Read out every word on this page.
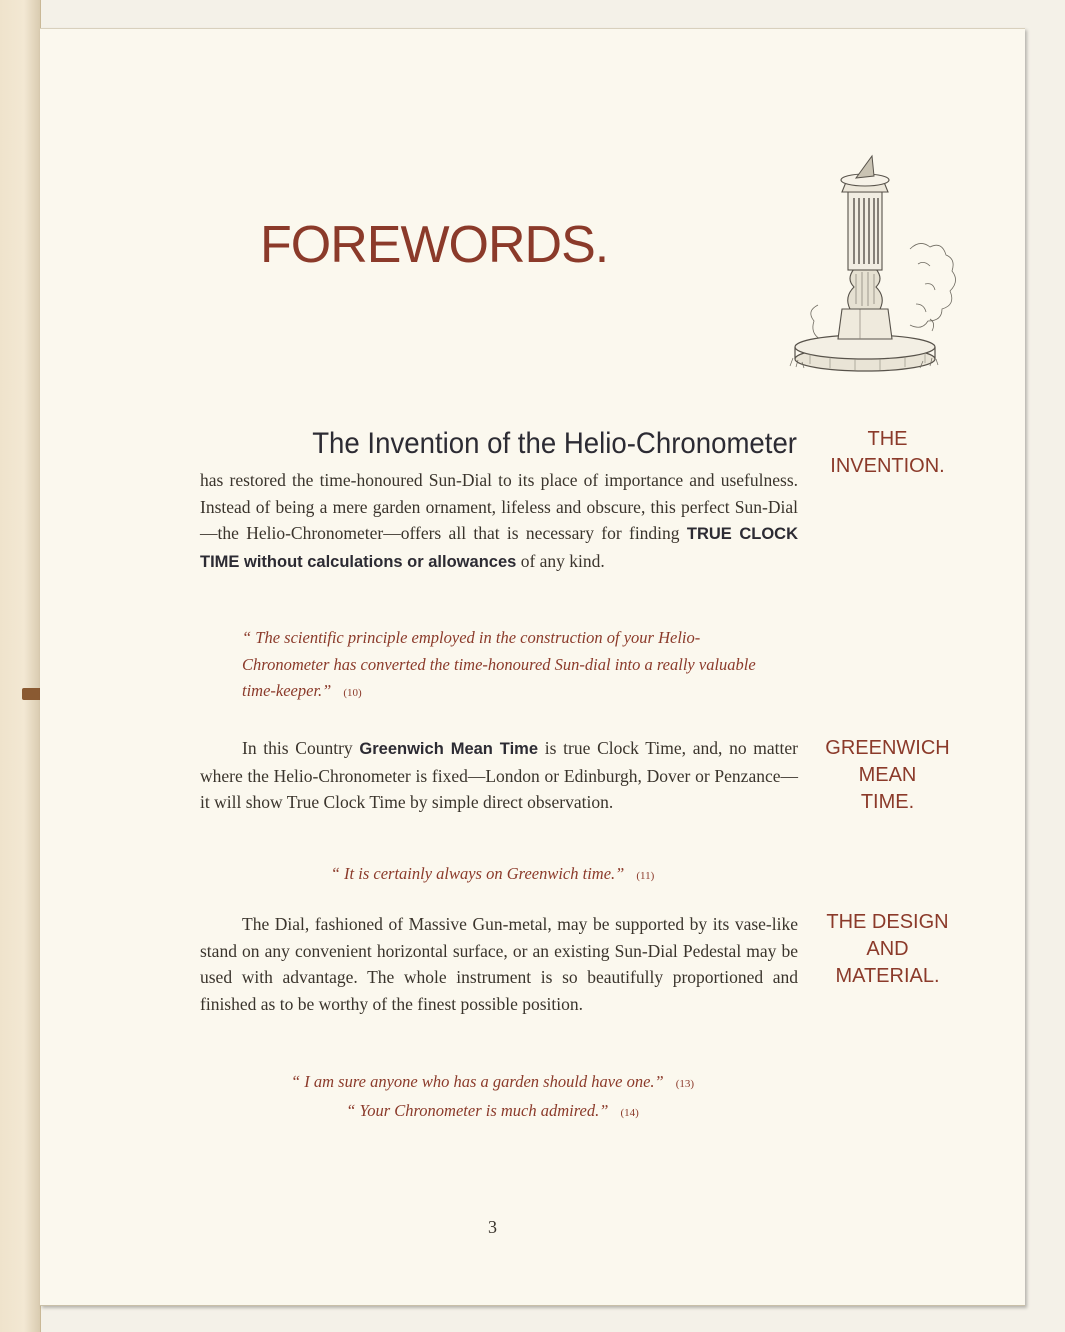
FOREWORDS.
The Invention of the Helio-Chronometer

has restored the time-honoured Sun-Dial to its place of importance and usefulness. Instead of being a mere garden ornament, lifeless and obscure, this perfect Sun-Dial—the Helio-Chronometer—offers all that is necessary for finding TRUE CLOCK TIME without calculations or allowances of any kind.

THE
INVENTION.

“ The scientific principle employed in the construction of your Helio-Chronometer has converted the time-honoured Sun-dial into a really valuable time-keeper.” (10)

In this Country Greenwich Mean Time is true Clock Time, and, no matter where the Helio-Chronometer is fixed—London or Edinburgh, Dover or Penzance—it will show True Clock Time by simple direct observation.

GREENWICH
MEAN
TIME.

“ It is certainly always on Greenwich time.” (11)

The Dial, fashioned of Massive Gun-metal, may be supported by its vase-like stand on any convenient horizontal surface, or an existing Sun-Dial Pedestal may be used with advantage. The whole instrument is so beautifully proportioned and finished as to be worthy of the finest possible position.

THE DESIGN
AND
MATERIAL.

“ I am sure anyone who has a garden should have one.” (13)
“ Your Chronometer is much admired.” (14)
3
